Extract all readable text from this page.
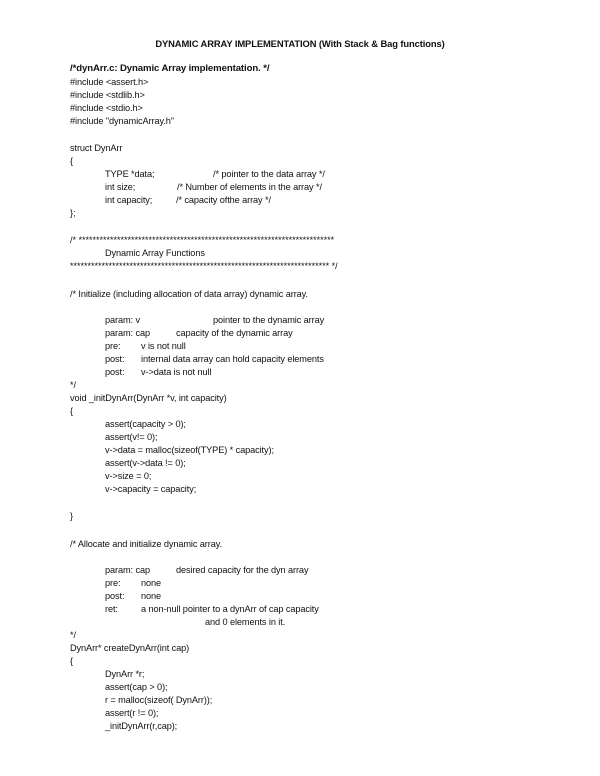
DYNAMIC ARRAY IMPLEMENTATION (With Stack & Bag functions)
/*dynArr.c: Dynamic Array implementation. */
#include <assert.h>
#include <stdlib.h>
#include <stdio.h>
#include "dynamicArray.h"
struct DynArr
{
TYPE *data;	/* pointer to the data array */
int size;	/* Number of elements in the array */
int capacity;	/* capacity ofthe array */
};
/* *************************************************************************
Dynamic Array Functions
************************************************************************** */
/* Initialize (including allocation of data array) dynamic array.
param: v	pointer to the dynamic array
param: cap	capacity of the dynamic array
pre: v is not null
post: internal data array can hold capacity elements
post: v->data is not null
*/
void _initDynArr(DynArr *v, int capacity)
{
assert(capacity > 0);
assert(v!= 0);
v->data = malloc(sizeof(TYPE) * capacity);
assert(v->data != 0);
v->size = 0;
v->capacity = capacity;
}
/* Allocate and initialize dynamic array.
param: cap	desired capacity for the dyn array
pre: none
post: none
ret:	a non-null pointer to a dynArr of cap capacity
and 0 elements in it.
*/
DynArr* createDynArr(int cap)
{
DynArr *r;
assert(cap > 0);
r = malloc(sizeof( DynArr));
assert(r != 0);
_initDynArr(r,cap);
